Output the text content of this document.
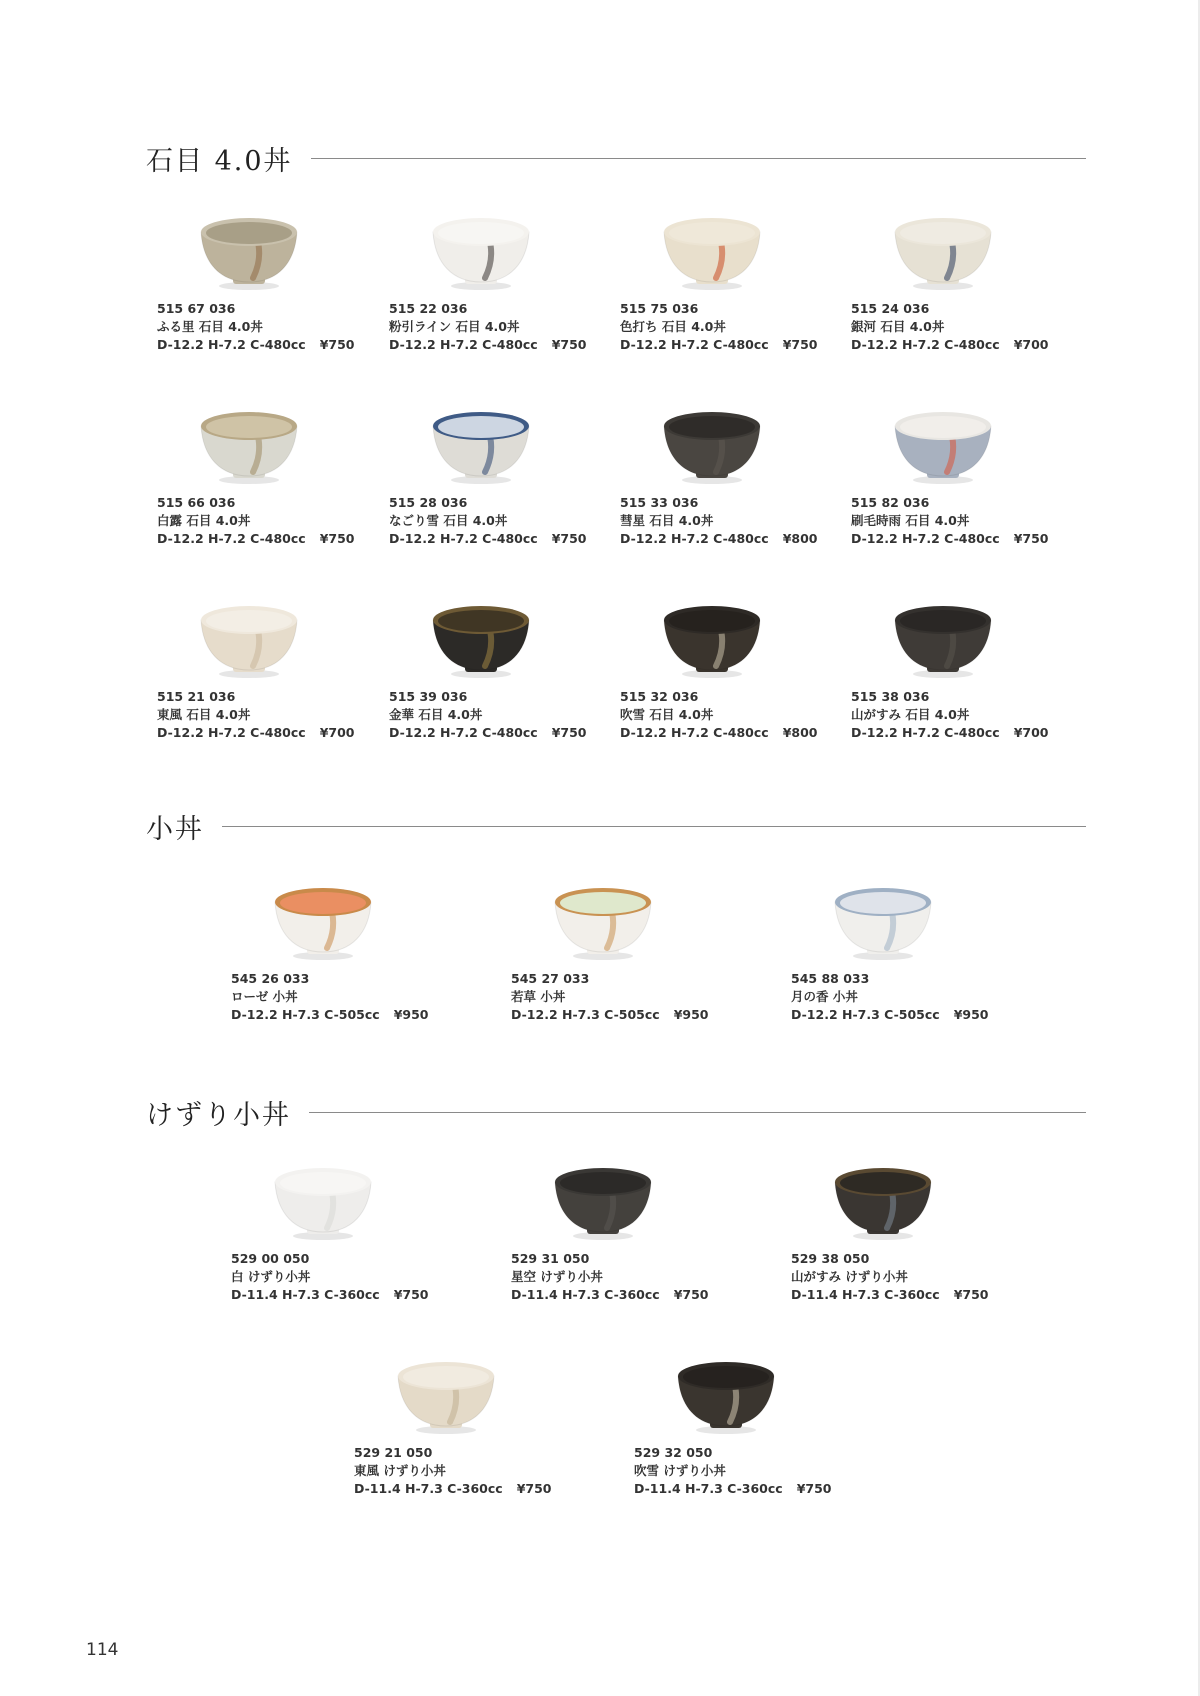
石目 4.0丼
小丼
けずり小丼
515 67 036
ふる里 石目 4.0丼
D-12.2 H-7.2 C-480cc ¥750
515 22 036
粉引ライン 石目 4.0丼
D-12.2 H-7.2 C-480cc ¥750
515 75 036
色打ち 石目 4.0丼
D-12.2 H-7.2 C-480cc ¥750
515 24 036
銀河 石目 4.0丼
D-12.2 H-7.2 C-480cc ¥700
515 66 036
白露 石目 4.0丼
D-12.2 H-7.2 C-480cc ¥750
515 28 036
なごり雪 石目 4.0丼
D-12.2 H-7.2 C-480cc ¥750
515 33 036
彗星 石目 4.0丼
D-12.2 H-7.2 C-480cc ¥800
515 82 036
刷毛時雨 石目 4.0丼
D-12.2 H-7.2 C-480cc ¥750
515 21 036
東風 石目 4.0丼
D-12.2 H-7.2 C-480cc ¥700
515 39 036
金華 石目 4.0丼
D-12.2 H-7.2 C-480cc ¥750
515 32 036
吹雪 石目 4.0丼
D-12.2 H-7.2 C-480cc ¥800
515 38 036
山がすみ 石目 4.0丼
D-12.2 H-7.2 C-480cc ¥700
545 26 033
ローゼ 小丼
D-12.2 H-7.3 C-505cc ¥950
545 27 033
若草 小丼
D-12.2 H-7.3 C-505cc ¥950
545 88 033
月の香 小丼
D-12.2 H-7.3 C-505cc ¥950
529 00 050
白 けずり小丼
D-11.4 H-7.3 C-360cc ¥750
529 31 050
星空 けずり小丼
D-11.4 H-7.3 C-360cc ¥750
529 38 050
山がすみ けずり小丼
D-11.4 H-7.3 C-360cc ¥750
529 21 050
東風 けずり小丼
D-11.4 H-7.3 C-360cc ¥750
529 32 050
吹雪 けずり小丼
D-11.4 H-7.3 C-360cc ¥750
114
